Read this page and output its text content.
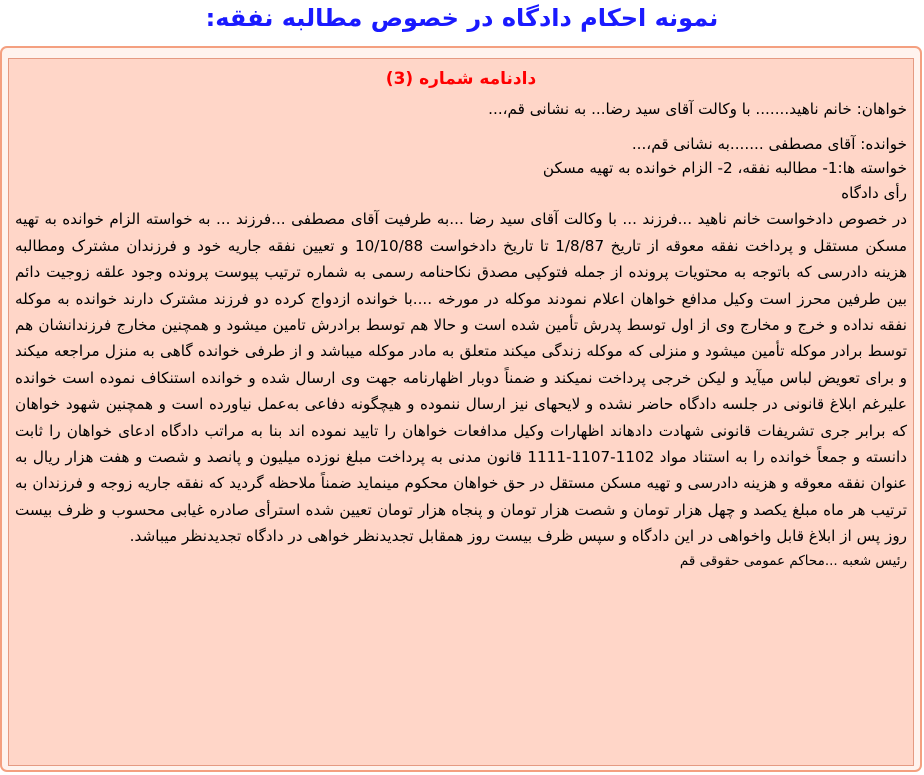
نمونه احکام دادگاه در خصوص مطالبه نفقه:
دادنامه شماره (3)
خواهان: خانم ناهید....... با وکالت آقای سید رضا... به نشانی قم،...
خوانده: آقای مصطفی .......به نشانی قم،...
خواسته ها:1- مطالبه نفقه، 2- الزام خوانده به تهیه مسکن
رأی دادگاه
در خصوص دادخواست خانم ناهید ...فرزند ... با وکالت آقای سید رضا ...به طرفیت آقای مصطفی ...فرزند ... به خواسته الزام خوانده به تهیه مسکن مستقل و پرداخت نفقه معوقه از تاریخ 1/8/87 تا تاریخ دادخواست 10/10/88 و تعیین نفقه جاریه خود و فرزندان مشترک ومطالبه هزینه دادرسی که باتوجه به محتویات پرونده از جمله فتوکپی مصدق نکاحنامه رسمی به شماره ترتیب پیوست پرونده وجود علقه زوجیت دائم بین طرفین محرز است وکیل مدافع خواهان اعلام نمودند موکله در مورخه ....با خوانده ازدواج کرده دو فرزند مشترک دارند خوانده به موکله نفقه نداده و خرج و مخارج وی از اول توسط پدرش تأمین شده است و حالا هم توسط برادرش تامین میشود و همچنین مخارج فرزندانشان هم توسط برادر موکله تأمین میشود و منزلی که موکله زندگی میکند متعلق به مادر موکله میباشد و از طرفی خوانده گاهی به منزل مراجعه میکند و برای تعویض لباس میآید و لیکن خرجی پرداخت نمیکند و ضمناً دوبار اظهارنامه جهت وی ارسال شده و خوانده استنکاف نموده است خوانده علیرغم ابلاغ قانونی در جلسه دادگاه حاضر نشده و لایحهای نیز ارسال ننموده و هیچگونه دفاعی به‌عمل نیاورده است و همچنین شهود خواهان که برابر جری تشریفات قانونی شهادت دادهاند اظهارات وکیل مدافعات خواهان را تایید نموده اند بنا به مراتب دادگاه ادعای خواهان را ثابت دانسته و جمعاً خوانده را به استناد مواد 1102-1107-1111 قانون مدنی به پرداخت مبلغ نوزده میلیون و پانصد و شصت و هفت هزار ریال به عنوان نفقه معوقه و هزینه دادرسی و تهیه مسکن مستقل در حق خواهان محکوم مینماید ضمناً ملاحظه گردید که نفقه جاریه زوجه و فرزندان به ترتیب هر ماه مبلغ یکصد و چهل هزار تومان و شصت هزار تومان و پنجاه هزار تومان تعیین شده استرأی صادره غیابی محسوب و ظرف بیست روز پس از ابلاغ قابل واخواهی در این دادگاه و سپس ظرف بیست روز همقابل تجدیدنظر خواهی در دادگاه تجدیدنظر میباشد.
رئیس شعبه ...محاکم عمومی حقوقی قم
